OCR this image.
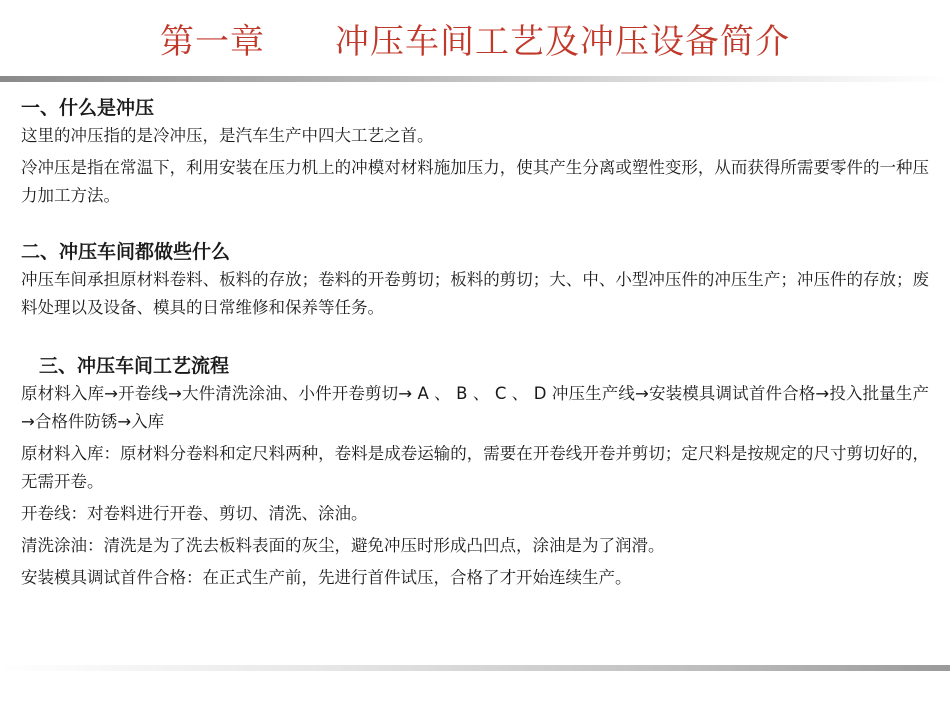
第一章　　冲压车间工艺及冲压设备简介

一、什么是冲压

这里的冲压指的是冷冲压，是汽车生产中四大工艺之首。

冷冲压是指在常温下，利用安装在压力机上的冲模对材料施加压力，使其产生分离或塑性变形，从而获得所需要零件的一种压力加工方法。

二、冲压车间都做些什么

冲压车间承担原材料卷料、板料的存放；卷料的开卷剪切；板料的剪切；大、中、小型冲压件的冲压生产；冲压件的存放；废料处理以及设备、模具的日常维修和保养等任务。

三、冲压车间工艺流程

原材料入库→开卷线→大件清洗涂油、小件开卷剪切→ A 、 B 、 C 、 D 冲压生产线→安装模具调试首件合格→投入批量生产→合格件防锈→入库

原材料入库：原材料分卷料和定尺料两种，卷料是成卷运输的，需要在开卷线开卷并剪切；定尺料是按规定的尺寸剪切好的，无需开卷。

开卷线：对卷料进行开卷、剪切、清洗、涂油。

清洗涂油：清洗是为了洗去板料表面的灰尘，避免冲压时形成凸凹点，涂油是为了润滑。

安装模具调试首件合格：在正式生产前，先进行首件试压，合格了才开始连续生产。
